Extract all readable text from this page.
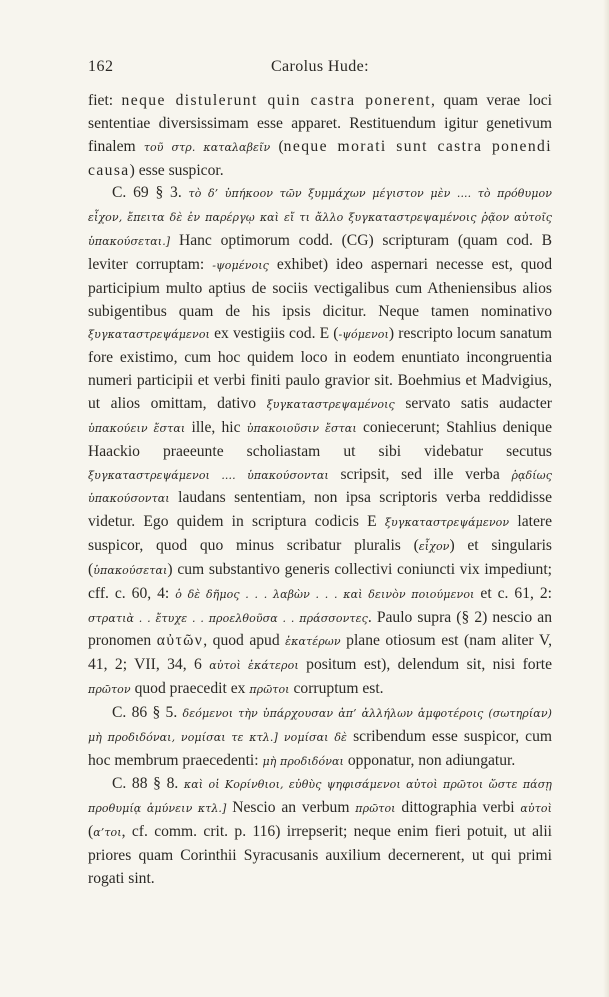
162	Carolus Hude:

fiet: neque distulerunt quin castra ponerent, quam verae loci sententiae diversissimam esse apparet. Restituendum igitur genetivum finalem τοῦ στρ. καταλαβεῖν (neque morati sunt castra ponendi causa) esse suspicor.

C. 69 § 3. τὸ δ’ ὑπήκοον τῶν ξυμμάχων μέγιστον μὲν .... τὸ πρόθυμον εἶχον, ἔπειτα δὲ ἐν παρέργῳ καὶ εἴ τι ἄλλο ξυγκαταστρεψαμένοις ῥᾷον αὐτοῖς ὑπακούσεται.] Hanc optimorum codd. (CG) scripturam (quam cod. B leviter corruptam: -ψομένοις exhibet) ideo aspernari necesse est, quod participium multo aptius de sociis vectigalibus cum Atheniensibus alios subigentibus quam de his ipsis dicitur. Neque tamen nominativo ξυγκαταστρεψάμενοι ex vestigiis cod. E (-ψόμενοι) rescripto locum sanatum fore existimo, cum hoc quidem loco in eodem enuntiato incongruentia numeri participii et verbi finiti paulo gravior sit. Boehmius et Madvigius, ut alios omittam, dativo ξυγκαταστρεψαμένοις servato satis audacter ὑπακούειν ἔσται ille, hic ὑπακοιοῦσιν ἔσται coniecerunt; Stahlius denique Haackio praeeunte scholiastam ut sibi videbatur secutus ξυγκαταστρεψάμενοι .... ὑπακούσονται scripsit, sed ille verba ῥᾳδίως ὑπακούσονται laudans sententiam, non ipsa scriptoris verba reddidisse videtur. Ego quidem in scriptura codicis E ξυγκαταστρεψάμενον latere suspicor, quod quo minus scribatur pluralis (εἶχον) et singularis (ὑπακούσεται) cum substantivo generis collectivi coniuncti vix impediunt; cff. c. 60, 4: ὁ δὲ δῆμος . . . λαβὼν . . . καὶ δεινὸν ποιούμενοι et c. 61, 2: στρατιὰ . . ἔτυχε . . προελθοῦσα . . πράσσοντες. Paulo supra (§ 2) nescio an pronomen αὐτῶν, quod apud ἑκατέρων plane otiosum est (nam aliter V, 41, 2; VII, 34, 6 αὐτοὶ ἑκάτεροι positum est), delendum sit, nisi forte πρῶτον quod praecedit ex πρῶτοι corruptum est.

C. 86 § 5. δεόμενοι τὴν ὑπάρχουσαν ἀπ’ ἀλλήλων ἀμφοτέροις (σωτηρίαν) μὴ προδιδόναι, νομίσαι τε κτλ.] νομίσαι δὲ scribendum esse suspicor, cum hoc membrum praecedenti: μὴ προδιδόναι opponatur, non adiungatur.

C. 88 § 8. καὶ οἱ Κορίνθιοι, εὐθὺς ψηφισάμενοι αὐτοὶ πρῶτοι ὥστε πάσῃ προθυμίᾳ ἀμύνειν κτλ.] Nescio an verbum πρῶτοι dittographia verbi αὐτοὶ (α’τοι, cf. comm. crit. p. 116) irrepserit; neque enim fieri potuit, ut alii priores quam Corinthii Syracusanis auxilium decernerent, ut qui primi rogati sint.
